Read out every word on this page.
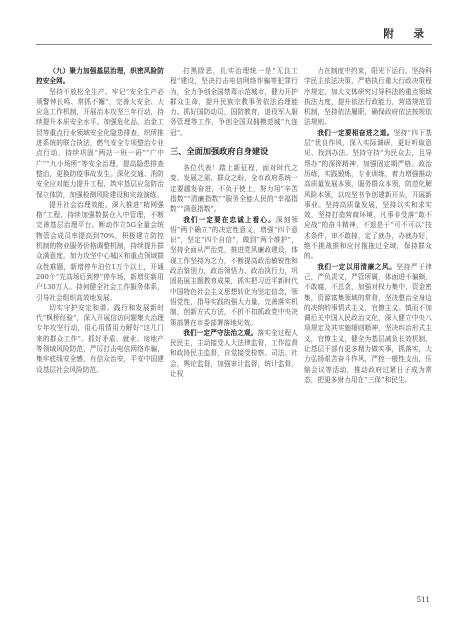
附 录

（九）聚力加强基层治理，织密风险防控安全网。

坚持不放松全生产。牢记“安全生产必须警钟长鸣、常抓不懈”，完善大安全、大应急工作机制，开展治本攻坚三年行动，持续提升本质安全水平。加强危化品、治金工贸等重点行业领域安全化隐患排查，织所推进系统的联合执法，燃气安全专项整治专业点行动，持续巩固“两站一班一码”“广中广”“九小场所”等安全治理，提高隐患排查整治，更换防疫事故发生。深化交通、消防安全应对能力提升工程，筑牢基层应急防治保立体防，加强检测风险建设和灾故演练。

提升社会治理效能。深入推进“精网强格”工程，持续加强数据仓入中管理，不断完善基层治理平台。断动作立5G全量会统物管会成员率提高到70%，积极建立防控机制的物业服务价格调整机制，持续提升群众满意度。加力攻坚中心城区和重点领域群众性难题，新增停车泊位1万个以上，开通200个“先高场后到停”停车场，新增住新用户130万人。持何健全社会工作服务体系，引导社会组织高效地发展。

切实守护安定和谐。践行和发展新时代“枫桥经验”，深入开展信访问题集大治理专年攻坚行动，用心用情用力解好“这几门来的群众工作”。抓好矛盾、就业、房地产等领域风险防范，严厉打击电信网络诈骗，集牢底线安全感，有信众治安，平安中国建设基层社会风险防范。

打黑除恶，扎实治理统一是“无良工程”建设，坚决打击电信网络诈骗等犯罪行为，全力争创全国禁毒示范城市，健力开护群众生命，提升民族宗教事务依法治理能力。抓好国防动员，国防教育，退役军人服务管理等工作，争创全国双拥模范城“九连冠”。

三、全面加强政府自身建设

各位代表！踏上新征程，面对时代之变、发展之需、群众之盼，全市政府系统一定要越发奋进，不负于使上，努力用“辛苦指数”“清廉指数”“服务全能人民的“幸福指数”“满意指数”。

我们一定要在忠诚上看心。深刻领悟“两个确立”的决定性意义，增强“四个意识”，坚定“四个自信”，做到“两个维护”，坚持全面从严治党，推进党风廉政建设，体现工作坚持为之力，不断提高政治敏锐性和政治鉴别力，政治领悟力、政治执行力，巩固拓展主题教育成果，抓实把习近平新时代中国特色社会主义思想转化为坚定信念，领悟党性，指导实践的强大力量，完善落实机制，创新方式方法，不折不扣抓政党中央决策部署在市委部署落地见效。

我们一定严守法治之观。落实全过程人民民主，主动接受人大法律监督，工作监督和政协民主监督，自觉接受检察、司法、社会，舆论监督，加强审计监督，统计监督，让权

力在制度中约束，阳光下运行。坚持科学民主依法决策，严格执行重大行政决策程序规定，加大文体研究讨导科法的重点领域执法力度，提升依法行政能力，营造规范管机制，坚持依法履职，确保政府依法按规依法规则。

我们一定要相奋进之道。坚持“四下基层”优良作风，深入实际调研，更好听取意见、找到办法。坚持守持“为民众去，且导帮办”的深挥精神，加强固定期严格、政治历练，实践锻炼，专业训练，着力增强推动高质量发展本领，服务群众本领，防范化解风险本领，以攻坚书争创建新开头，开展新事业。坚持高质量发展，坚持以实和求实效，坚持打造营商环境，凡事非受落“敢不应战”的奋斗精神，不退是于“可不可以”技术条件，审不敢掉，定了就办，办就办好，绝不挑战推和应付拖拖过全域，保持群众的。

我们一定以用清廉之风。坚持严于律己，严负责文，严管所属，体面进不偏颇，不敢腐，不总贪，加强对权力集中，资金密集，资源富集领域的常督，坚决整治全身边的决纳的事情式主义，官僚主义。慎而不加调后关中国人民政治文化，深入健立中央八项规定及其实施细则精神，坚决纠治形式主义，官僚主义，健全为基层减负长效机制，让基层干部有更多精力做实事，抓落实，大力弘扬艰苦奋斗作风，严控一般性支出，压缩会议等活动，推动政府过紧日子成为常态，把更多财力用在“三保”和民生。

511
